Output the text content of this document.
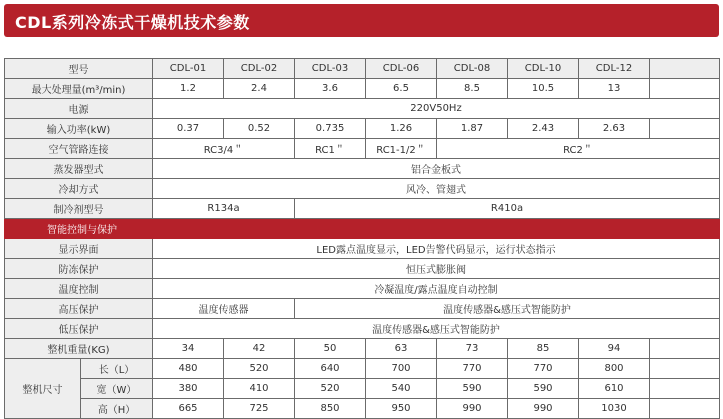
CDL系列冷冻式干燥机技术参数
型号		CDL-01	CDL-02	CDL-03	CDL-06	CDL-08	CDL-10	CDL-12	
最大处理量(m³/min)		1.2	2.4	3.6	6.5	8.5	10.5	13	
电源		220V50Hz							
输入功率(kW)		0.37	0.52	0.735	1.26	1.87	2.43	2.63	
空气管路连接		RC3/4＂		RC1＂	RC1-1/2＂	RC2＂			
蒸发器型式		铝合金板式							
冷却方式		风冷、管翅式							
制冷剂型号		R134a		R410a					
智能控制与保护									
显示界面		LED露点温度显示，LED告警代码显示，运行状态指示							
防冻保护		恒压式膨胀阀							
温度控制		冷凝温度/露点温度自动控制							
高压保护		温度传感器		温度传感器&感压式智能防护					
低压保护		温度传感器&感压式智能防护							
整机重量(KG)		34	42	50	63	73	85	94	
整机尺寸	长（L）	480	520	640	700	770	770	800	
	宽（W）	380	410	520	540	590	590	610	
	高（H）	665	725	850	950	990	990	1030	
